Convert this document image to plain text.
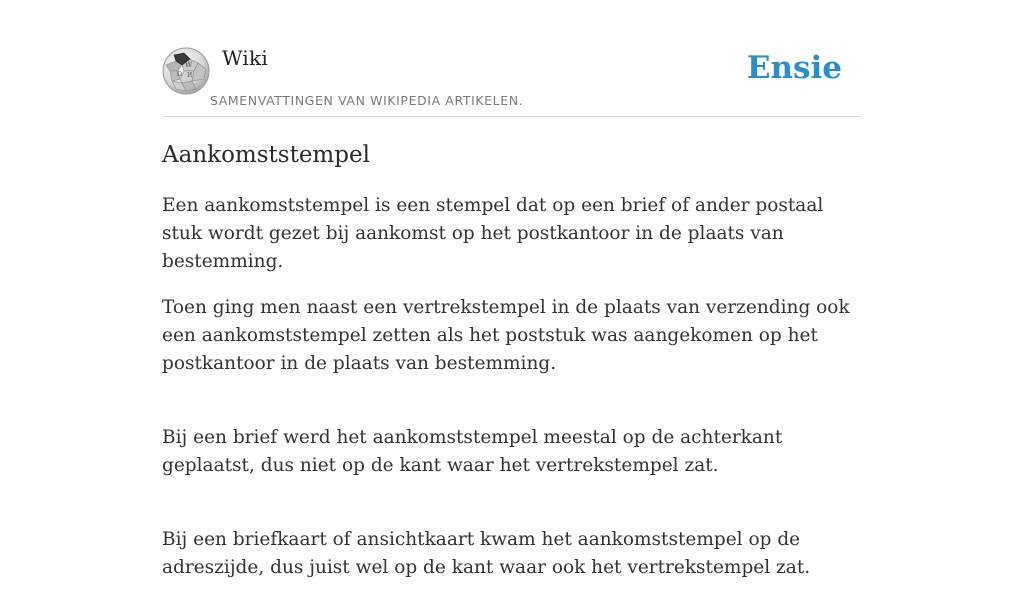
W
Ω И
Wiki
SAMENVATTINGEN VAN WIKIPEDIA ARTIKELEN.
Ensie
Aankomststempel

Een aankomststempel is een stempel dat op een brief of ander postaal stuk wordt gezet bij aankomst op het postkantoor in de plaats van bestemming.

Toen ging men naast een vertrekstempel in de plaats van verzending ook een aankomststempel zetten als het poststuk was aangekomen op het postkantoor in de plaats van bestemming.

Bij een brief werd het aankomststempel meestal op de achterkant geplaatst, dus niet op de kant waar het vertrekstempel zat.

Bij een briefkaart of ansichtkaart kwam het aankomststempel op de adreszijde, dus juist wel op de kant waar ook het vertrekstempel zat.
